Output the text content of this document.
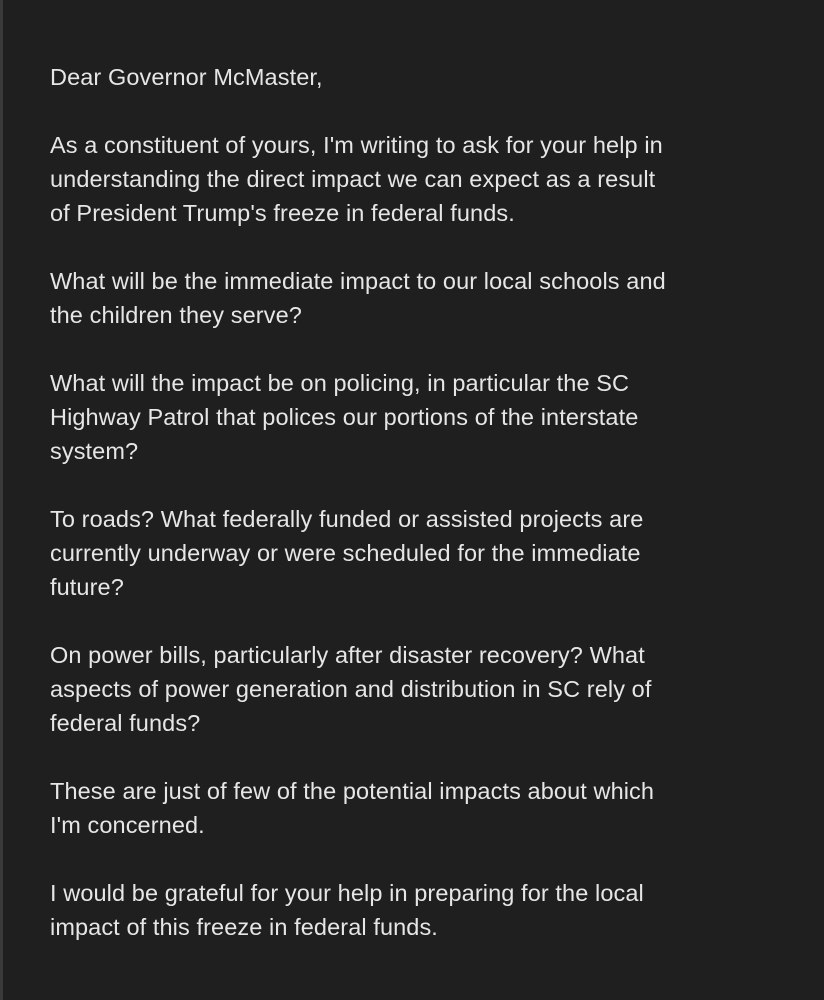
Dear Governor McMaster,

As a constituent of yours, I'm writing to ask for your help in
understanding the direct impact we can expect as a result
of President Trump's freeze in federal funds.

What will be the immediate impact to our local schools and
the children they serve?

What will the impact be on policing, in particular the SC
Highway Patrol that polices our portions of the interstate
system?

To roads? What federally funded or assisted projects are
currently underway or were scheduled for the immediate
future?

On power bills, particularly after disaster recovery? What
aspects of power generation and distribution in SC rely of
federal funds?

These are just of few of the potential impacts about which
I'm concerned.

I would be grateful for your help in preparing for the local
impact of this freeze in federal funds.
